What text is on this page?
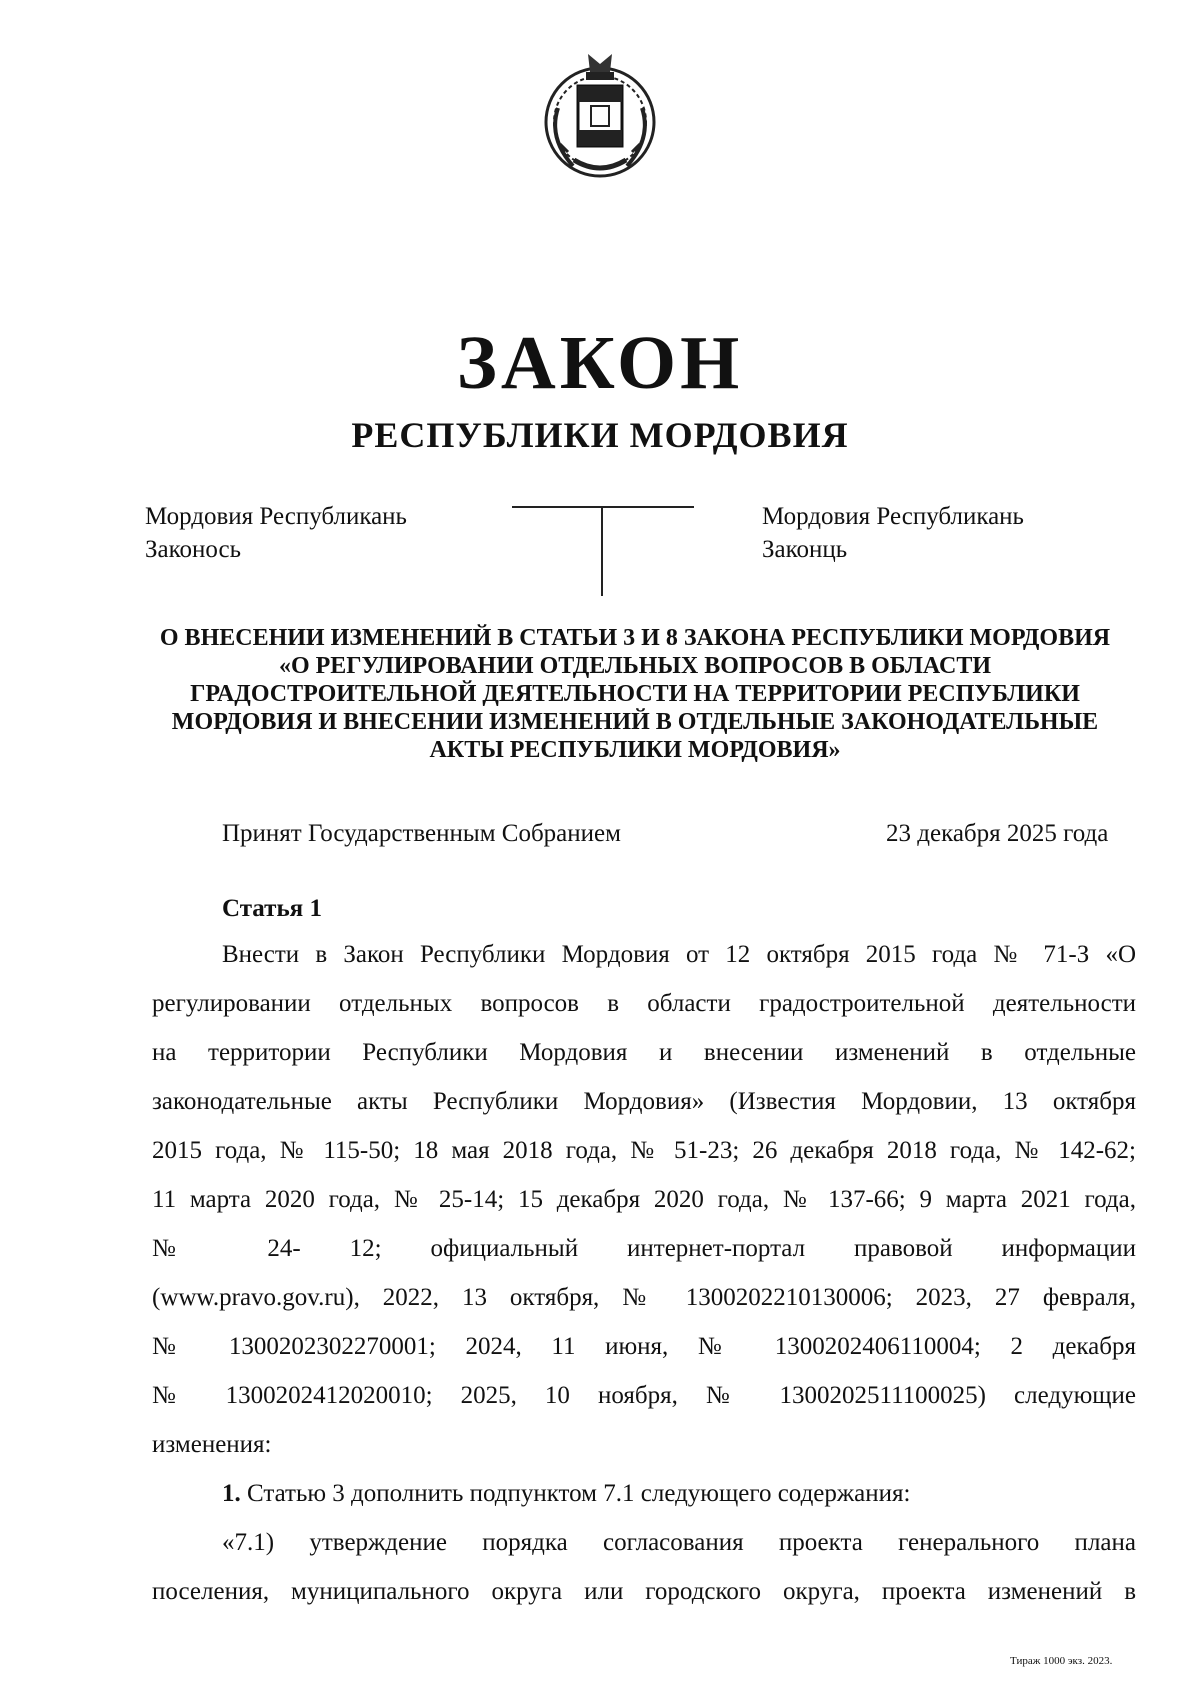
ЗАКОН
РЕСПУБЛИКИ МОРДОВИЯ
Мордовия Республикань
Законось
Мордовия Республикань
Законць
О ВНЕСЕНИИ ИЗМЕНЕНИЙ В СТАТЬИ 3 И 8 ЗАКОНА РЕСПУБЛИКИ МОРДОВИЯ
«О РЕГУЛИРОВАНИИ ОТДЕЛЬНЫХ ВОПРОСОВ В ОБЛАСТИ
ГРАДОСТРОИТЕЛЬНОЙ ДЕЯТЕЛЬНОСТИ НА ТЕРРИТОРИИ РЕСПУБЛИКИ
МОРДОВИЯ И ВНЕСЕНИИ ИЗМЕНЕНИЙ В ОТДЕЛЬНЫЕ ЗАКОНОДАТЕЛЬНЫЕ
АКТЫ РЕСПУБЛИКИ МОРДОВИЯ»
Принят Государственным Собранием	23 декабря 2025 года
Статья 1
Внести в Закон Республики Мордовия от 12 октября 2015 года № 71-З «О
регулировании отдельных вопросов в области градостроительной деятельности
на территории Республики Мордовия и внесении изменений в отдельные
законодательные акты Республики Мордовия» (Известия Мордовии, 13 октября
2015 года, № 115-50; 18 мая 2018 года, № 51-23; 26 декабря 2018 года, № 142-62;
11 марта 2020 года, № 25-14; 15 декабря 2020 года, № 137-66; 9 марта 2021 года,
№ 24- 12; официальный интернет-портал правовой информации
(www.pravo.gov.ru), 2022, 13 октября, № 1300202210130006; 2023, 27 февраля,
№ 1300202302270001; 2024, 11 июня, № 1300202406110004; 2 декабря
№ 1300202412020010; 2025, 10 ноября, № 1300202511100025) следующие
изменения:
1. Статью 3 дополнить подпунктом 7.1 следующего содержания:
«7.1) утверждение порядка согласования проекта генерального плана
поселения, муниципального округа или городского округа, проекта изменений в
Тираж 1000 экз. 2023.
